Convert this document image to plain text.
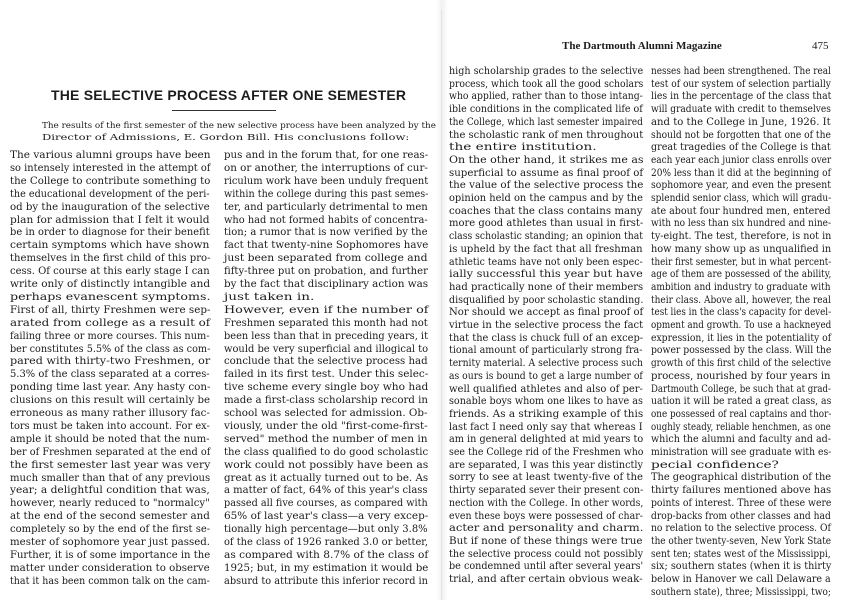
The Dartmouth Alumni Magazine	475
THE SELECTIVE PROCESS AFTER ONE SEMESTER
The results of the first semester of the new selective process have been analyzed by the
Director of Admissions, E. Gordon Bill. His conclusions follow:
The various alumni groups have been
so intensely interested in the attempt of
the College to contribute something to
the educational development of the peri-
od by the inauguration of the selective
plan for admission that I felt it would
be in order to diagnose for their benefit
certain symptoms which have shown
themselves in the first child of this pro-
cess. Of course at this early stage I can
write only of distinctly intangible and
perhaps evanescent symptoms.
First of all, thirty Freshmen were sep-
arated from college as a result of
failing three or more courses. This num-
ber constitutes 5.5% of the class as com-
pared with thirty-two Freshmen, or
5.3% of the class separated at a corres-
ponding time last year. Any hasty con-
clusions on this result will certainly be
erroneous as many rather illusory fac-
tors must be taken into account. For ex-
ample it should be noted that the num-
ber of Freshmen separated at the end of
the first semester last year was very
much smaller than that of any previous
year; a delightful condition that was,
however, nearly reduced to "normalcy"
at the end of the second semester and
completely so by the end of the first se-
mester of sophomore year just passed.
Further, it is of some importance in the
matter under consideration to observe
that it has been common talk on the cam-
pus and in the forum that, for one reas-
on or another, the interruptions of cur-
riculum work have been unduly frequent
within the college during this past semes-
ter, and particularly detrimental to men
who had not formed habits of concentra-
tion; a rumor that is now verified by the
fact that twenty-nine Sophomores have
just been separated from college and
fifty-three put on probation, and further
by the fact that disciplinary action was
just taken in.
However, even if the number of
Freshmen separated this month had not
been less than that in preceding years, it
would be very superficial and illogical to
conclude that the selective process had
failed in its first test. Under this selec-
tive scheme every single boy who had
made a first-class scholarship record in
school was selected for admission. Ob-
viously, under the old "first-come-first-
served" method the number of men in
the class qualified to do good scholastic
work could not possibly have been as
great as it actually turned out to be. As
a matter of fact, 64% of this year's class
passed all five courses, as compared with
65% of last year's class—a very excep-
tionally high percentage—but only 3.8%
of the class of 1926 ranked 3.0 or better,
as compared with 8.7% of the class of
1925; but, in my estimation it would be
absurd to attribute this inferior record in
high scholarship grades to the selective
process, which took all the good scholars
who applied, rather than to those intang-
ible conditions in the complicated life of
the College, which last semester impaired
the scholastic rank of men throughout
the entire institution.
On the other hand, it strikes me as
superficial to assume as final proof of
the value of the selective process the
opinion held on the campus and by the
coaches that the class contains many
more good athletes than usual in first-
class scholastic standing; an opinion that
is upheld by the fact that all freshman
athletic teams have not only been espec-
ially successful this year but have
had practically none of their members
disqualified by poor scholastic standing.
Nor should we accept as final proof of
virtue in the selective process the fact
that the class is chuck full of an excep-
tional amount of particularly strong fra-
ternity material. A selective process such
as ours is bound to get a large number of
well qualified athletes and also of per-
sonable boys whom one likes to have as
friends. As a striking example of this
last fact I need only say that whereas I
am in general delighted at mid years to
see the College rid of the Freshmen who
are separated, I was this year distinctly
sorry to see at least twenty-five of the
thirty separated sever their present con-
nection with the College. In other words,
even these boys were possessed of char-
acter and personality and charm.
But if none of these things were true
the selective process could not possibly
be condemned until after several years'
trial, and after certain obvious weak-
nesses had been strengthened. The real
test of our system of selection partially
lies in the percentage of the class that
will graduate with credit to themselves
and to the College in June, 1926. It
should not be forgotten that one of the
great tragedies of the College is that
each year each junior class enrolls over
20% less than it did at the beginning of
sophomore year, and even the present
splendid senior class, which will gradu-
ate about four hundred men, entered
with no less than six hundred and nine-
ty-eight. The test, therefore, is not in
how many show up as unqualified in
their first semester, but in what percent-
age of them are possessed of the ability,
ambition and industry to graduate with
their class. Above all, however, the real
test lies in the class's capacity for devel-
opment and growth. To use a hackneyed
expression, it lies in the potentiality of
power possessed by the class. Will the
growth of this first child of the selective
process, nourished by four years in
Dartmouth College, be such that at grad-
uation it will be rated a great class, as
one possessed of real captains and thor-
oughly steady, reliable henchmen, as one
which the alumni and faculty and ad-
ministration will see graduate with es-
pecial confidence?
The geographical distribution of the
thirty failures mentioned above has
points of interest. Three of these were
drop-backs from other classes and had
no relation to the selective process. Of
the other twenty-seven, New York State
sent ten; states west of the Mississippi,
six; southern states (when it is thirty
below in Hanover we call Delaware a
southern state), three; Mississippi, two;
